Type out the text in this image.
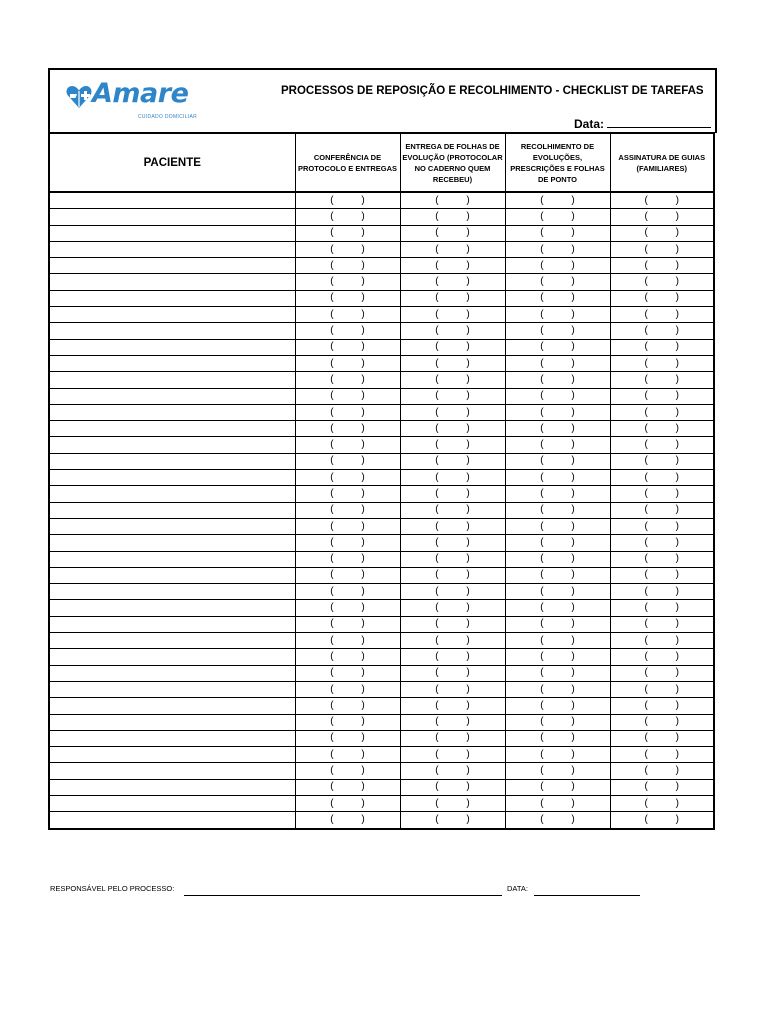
Amare
CUIDADO DOMICILIAR
PROCESSOS DE REPOSIÇÃO E RECOLHIMENTO - CHECKLIST DE TAREFAS
Data:
PACIENTE	CONFERÊNCIA DE PROTOCOLO E ENTREGAS	ENTREGA DE FOLHAS DE EVOLUÇÃO (PROTOCOLAR NO CADERNO QUEM RECEBEU)	RECOLHIMENTO DE EVOLUÇÕES, PRESCRIÇÕES E FOLHAS DE PONTO	ASSINATURA DE GUIAS (FAMILIARES)
	(          )	(          )	(          )	(          )
	(          )	(          )	(          )	(          )
	(          )	(          )	(          )	(          )
	(          )	(          )	(          )	(          )
	(          )	(          )	(          )	(          )
	(          )	(          )	(          )	(          )
	(          )	(          )	(          )	(          )
	(          )	(          )	(          )	(          )
	(          )	(          )	(          )	(          )
	(          )	(          )	(          )	(          )
	(          )	(          )	(          )	(          )
	(          )	(          )	(          )	(          )
	(          )	(          )	(          )	(          )
	(          )	(          )	(          )	(          )
	(          )	(          )	(          )	(          )
	(          )	(          )	(          )	(          )
	(          )	(          )	(          )	(          )
	(          )	(          )	(          )	(          )
	(          )	(          )	(          )	(          )
	(          )	(          )	(          )	(          )
	(          )	(          )	(          )	(          )
	(          )	(          )	(          )	(          )
	(          )	(          )	(          )	(          )
	(          )	(          )	(          )	(          )
	(          )	(          )	(          )	(          )
	(          )	(          )	(          )	(          )
	(          )	(          )	(          )	(          )
	(          )	(          )	(          )	(          )
	(          )	(          )	(          )	(          )
	(          )	(          )	(          )	(          )
	(          )	(          )	(          )	(          )
	(          )	(          )	(          )	(          )
	(          )	(          )	(          )	(          )
	(          )	(          )	(          )	(          )
	(          )	(          )	(          )	(          )
	(          )	(          )	(          )	(          )
	(          )	(          )	(          )	(          )
	(          )	(          )	(          )	(          )
	(          )	(          )	(          )	(          )
RESPONSÁVEL PELO PROCESSO:	DATA:
